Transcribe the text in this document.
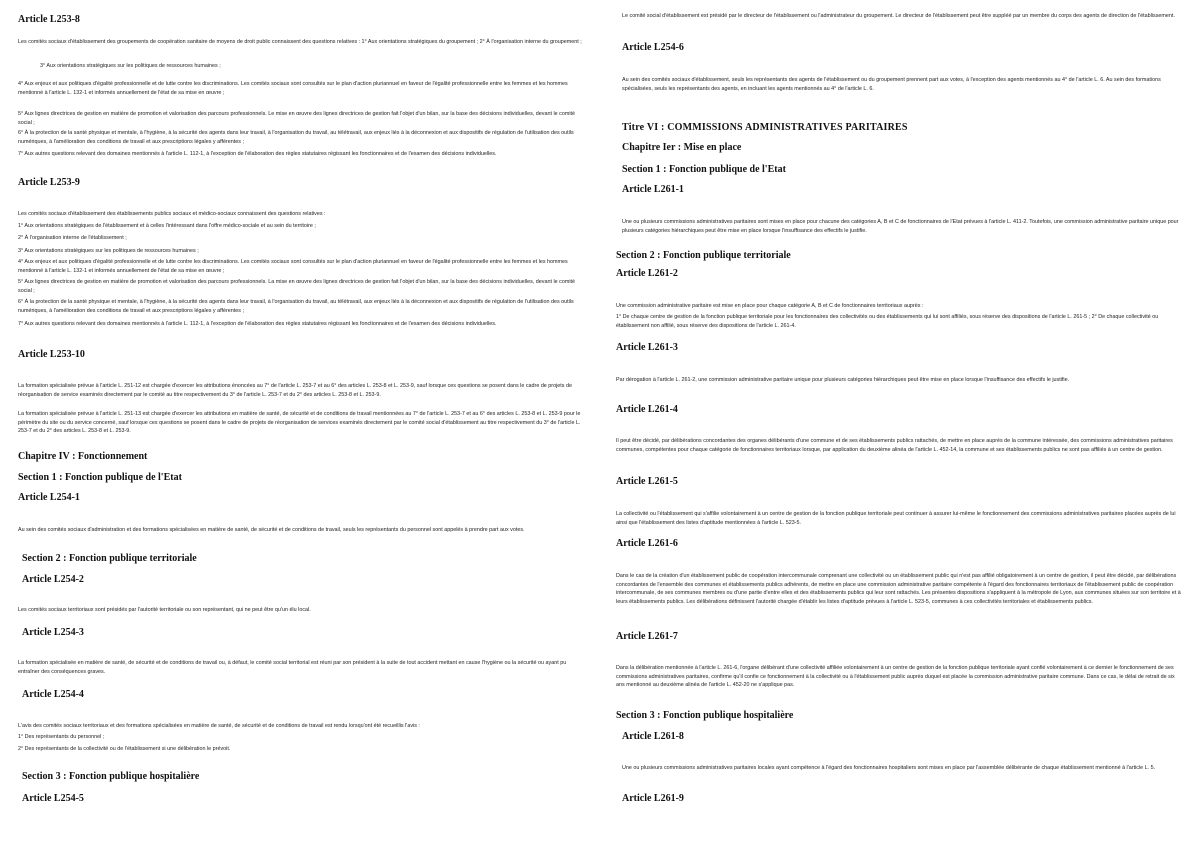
Article L253-8
Les comités sociaux d'établissement des groupements de coopération sanitaire de moyens de droit public connaissent des questions relatives : 1° Aux orientations stratégiques du groupement ; 2° À l'organisation interne du groupement ;
3° Aux orientations stratégiques sur les politiques de ressources humaines ;
4° Aux enjeux et aux politiques d'égalité professionnelle et de lutte contre les discriminations. Les comités sociaux sont consultés sur le plan d'action pluriannuel en faveur de l'égalité professionnelle entre les femmes et les hommes mentionné à l'article L. 132-1 et informés annuellement de l'état de sa mise en œuvre ;
5° Aux lignes directrices de gestion en matière de promotion et valorisation des parcours professionnels. Le mise en œuvre des lignes directrices de gestion fait l'objet d'un bilan, sur la base des décisions individuelles, devant le comité social ;
6° À la protection de la santé physique et mentale, à l'hygiène, à la sécurité des agents dans leur travail, à l'organisation du travail, au télétravail, aux enjeux liés à la déconnexion et aux dispositifs de régulation de l'utilisation des outils numériques, à l'amélioration des conditions de travail et aux prescriptions légales y afférentes ;
7° Aux autres questions relevant des domaines mentionnés à l'article L. 112-1, à l'exception de l'élaboration des règles statutaires régissant les fonctionnaires et de l'examen des décisions individuelles.
Article L253-9
Les comités sociaux d'établissement des établissements publics sociaux et médico-sociaux connaissent des questions relatives :
1° Aux orientations stratégiques de l'établissement et à celles l'intéressant dans l'offre médico-sociale et au sein du territoire ;
2° À l'organisation interne de l'établissement ;
3° Aux orientations stratégiques sur les politiques de ressources humaines ;
4° Aux enjeux et aux politiques d'égalité professionnelle et de lutte contre les discriminations. Les comités sociaux sont consultés sur le plan d'action pluriannuel en faveur de l'égalité professionnelle entre les femmes et les hommes mentionné à l'article L. 132-1 et informés annuellement de l'état de sa mise en œuvre ;
5° Aux lignes directrices de gestion en matière de promotion et valorisation des parcours professionnels. La mise en œuvre des lignes directrices de gestion fait l'objet d'un bilan, sur la base des décisions individuelles, devant le comité social ;
6° À la protection de la santé physique et mentale, à l'hygiène, à la sécurité des agents dans leur travail, à l'organisation du travail, au télétravail, aux enjeux liés à la déconnexion et aux dispositifs de régulation de l'utilisation des outils numériques, à l'amélioration des conditions de travail et aux prescriptions légales y afférentes ;
7° Aux autres questions relevant des domaines mentionnés à l'article L. 112-1, à l'exception de l'élaboration des règles statutaires régissant les fonctionnaires et de l'examen des décisions individuelles.
Article L253-10
La formation spécialisée prévue à l'article L. 251-12 est chargée d'exercer les attributions énoncées au 7° de l'article L. 253-7 et au 6° des articles L. 253-8 et L. 253-9, sauf lorsque ces questions se posent dans le cadre de projets de réorganisation de service examinés directement par le comité au titre respectivement du 3° de l'article L. 253-7 et du 2° des articles L. 253-8 et L. 253-9.
La formation spécialisée prévue à l'article L. 251-13 est chargée d'exercer les attributions en matière de santé, de sécurité et de conditions de travail mentionnées au 7° de l'article L. 253-7 et au 6° des articles L. 253-8 et L. 253-9 pour le périmètre du site ou du service concerné, sauf lorsque ces questions se posent dans le cadre de projets de réorganisation de services examinés directement par le comité social d'établissement au titre respectivement du 3° de l'article L. 253-7 et du 2° des articles L. 253-8 et L. 253-9.
Chapitre IV : Fonctionnement
Section 1 : Fonction publique de l'Etat
Article L254-1
Au sein des comités sociaux d'administration et des formations spécialisées en matière de santé, de sécurité et de conditions de travail, seuls les représentants du personnel sont appelés à prendre part aux votes.
Section 2 : Fonction publique territoriale
Article L254-2
Les comités sociaux territoriaux sont présidés par l'autorité territoriale ou son représentant, qui ne peut être qu'un élu local.
Article L254-3
La formation spécialisée en matière de santé, de sécurité et de conditions de travail ou, à défaut, le comité social territorial est réuni par son président à la suite de tout accident mettant en cause l'hygiène ou la sécurité ou ayant pu entraîner des conséquences graves.
Article L254-4
L'avis des comités sociaux territoriaux et des formations spécialisées en matière de santé, de sécurité et de conditions de travail est rendu lorsqu'ont été recueillis l'avis :
1° Des représentants du personnel ;
2° Des représentants de la collectivité ou de l'établissement si une délibération le prévoit.
Section 3 : Fonction publique hospitalière
Article L254-5
Le comité social d'établissement est présidé par le directeur de l'établissement ou l'administrateur du groupement. Le directeur de l'établissement peut être suppléé par un membre du corps des agents de direction de l'établissement.
Article L254-6
Au sein des comités sociaux d'établissement, seuls les représentants des agents de l'établissement ou du groupement prennent part aux votes, à l'exception des agents mentionnés au 4° de l'article L. 6. Au sein des formations spécialisées, seuls les représentants des agents, en incluant les agents mentionnés au 4° de l'article L. 6.
Titre VI : COMMISSIONS ADMINISTRATIVES PARITAIRES
Chapitre Ier : Mise en place
Section 1 : Fonction publique de l'Etat
Article L261-1
Une ou plusieurs commissions administratives paritaires sont mises en place pour chacune des catégories A, B et C de fonctionnaires de l'Etat prévues à l'article L. 411-2. Toutefois, une commission administrative paritaire unique pour plusieurs catégories hiérarchiques peut être mise en place lorsque l'insuffisance des effectifs le justifie.
Section 2 : Fonction publique territoriale
Article L261-2
Une commission administrative paritaire est mise en place pour chaque catégorie A, B et C de fonctionnaires territoriaux auprès :
1° De chaque centre de gestion de la fonction publique territoriale pour les fonctionnaires des collectivités ou des établissements qui lui sont affiliés, sous réserve des dispositions de l'article L. 261-5 ; 2° De chaque collectivité ou établissement non affilié, sous réserve des dispositions de l'article L. 261-4.
Article L261-3
Par dérogation à l'article L. 261-2, une commission administrative paritaire unique pour plusieurs catégories hiérarchiques peut être mise en place lorsque l'insuffisance des effectifs le justifie.
Article L261-4
Il peut être décidé, par délibérations concordantes des organes délibérants d'une commune et de ses établissements publics rattachés, de mettre en place auprès de la commune intéressée, des commissions administratives paritaires communes, compétentes pour chaque catégorie de fonctionnaires territoriaux lorsque, par application du deuxième alinéa de l'article L. 452-14, la commune et ses établissements publics ne sont pas affiliés à un centre de gestion.
Article L261-5
La collectivité ou l'établissement qui s'affilie volontairement à un centre de gestion de la fonction publique territoriale peut continuer à assurer lui-même le fonctionnement des commissions administratives paritaires placées auprès de lui ainsi que l'établissement des listes d'aptitude mentionnées à l'article L. 523-5.
Article L261-6
Dans le cas de la création d'un établissement public de coopération intercommunale comprenant une collectivité ou un établissement public qui n'est pas affilié obligatoirement à un centre de gestion, il peut être décidé, par délibérations concordantes de l'ensemble des communes et établissements publics adhérents, de mettre en place une commission administrative paritaire compétente à l'égard des fonctionnaires territoriaux de l'établissement public de coopération intercommunale, de ses communes membres ou d'une partie d'entre elles et des établissements publics qui leur sont rattachés. Les présentes dispositions s'appliquent à la métropole de Lyon, aux communes situées sur son territoire et à leurs établissements publics. Les délibérations définissent l'autorité chargée d'établir les listes d'aptitude prévues à l'article L. 523-5, communes à ces collectivités territoriales et établissements publics.
Article L261-7
Dans la délibération mentionnée à l'article L. 261-6, l'organe délibérant d'une collectivité affiliée volontairement à un centre de gestion de la fonction publique territoriale ayant confié volontairement à ce dernier le fonctionnement de ses commissions administratives paritaires, confirme qu'il confie ce fonctionnement à la collectivité ou à l'établissement public auprès duquel est placée la commission administrative paritaire commune. Dans ce cas, le délai de retrait de six ans mentionné au deuxième alinéa de l'article L. 452-20 ne s'applique pas.
Section 3 : Fonction publique hospitalière
Article L261-8
Une ou plusieurs commissions administratives paritaires locales ayant compétence à l'égard des fonctionnaires hospitaliers sont mises en place par l'assemblée délibérante de chaque établissement mentionné à l'article L. 5.
Article L261-9
